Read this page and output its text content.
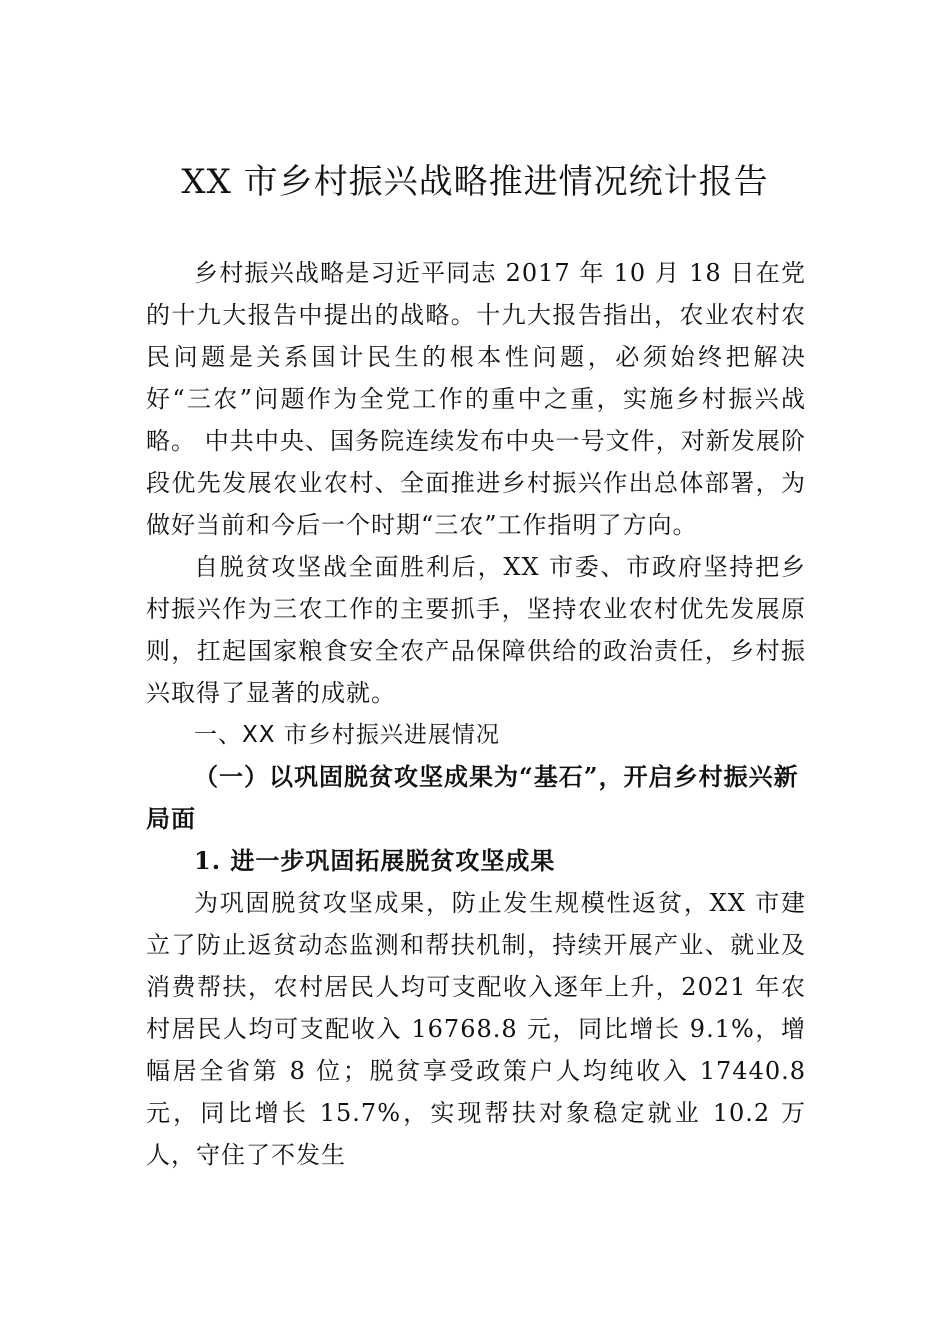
XX 市乡村振兴战略推进情况统计报告

乡村振兴战略是习近平同志 2017 年 10 月 18 日在党的十九大报告中提出的战略。十九大报告指出，农业农村农民问题是关系国计民生的根本性问题，必须始终把解决好“三农”问题作为全党工作的重中之重，实施乡村振兴战略。 中共中央、国务院连续发布中央一号文件，对新发展阶段优先发展农业农村、全面推进乡村振兴作出总体部署，为做好当前和今后一个时期“三农”工作指明了方向。

自脱贫攻坚战全面胜利后，XX 市委、市政府坚持把乡村振兴作为三农工作的主要抓手，坚持农业农村优先发展原则，扛起国家粮食安全农产品保障供给的政治责任，乡村振兴取得了显著的成就。

一、XX 市乡村振兴进展情况

（一）以巩固脱贫攻坚成果为“基石”，开启乡村振兴新局面

1. 进一步巩固拓展脱贫攻坚成果

为巩固脱贫攻坚成果，防止发生规模性返贫，XX 市建立了防止返贫动态监测和帮扶机制，持续开展产业、就业及消费帮扶，农村居民人均可支配收入逐年上升，2021 年农村居民人均可支配收入 16768.8 元，同比增长 9.1%，增幅居全省第 8 位；脱贫享受政策户人均纯收入 17440.8 元，同比增长 15.7%，实现帮扶对象稳定就业 10.2 万人，守住了不发生
